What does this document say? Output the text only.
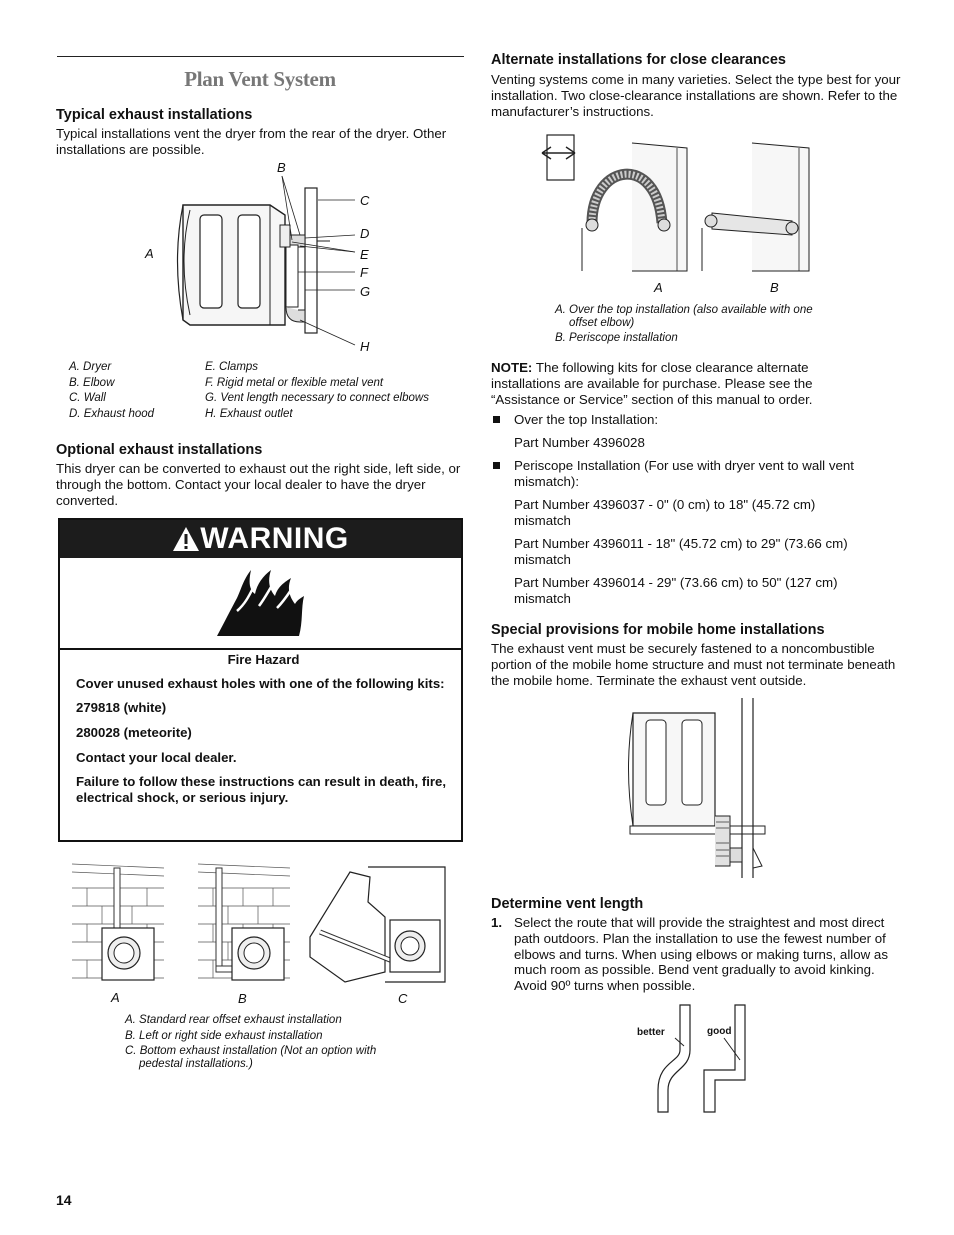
Plan Vent System
Typical exhaust installations

Typical installations vent the dryer from the rear of the dryer. Other installations are possible.

A
B
C
D
E
F
G
H
A. Dryer
B. Elbow
C. Wall
D. Exhaust hood
E. Clamps
F. Rigid metal or flexible metal vent
G. Vent length necessary to connect elbows
H. Exhaust outlet
Optional exhaust installations

This dryer can be converted to exhaust out the right side, left side, or through the bottom. Contact your local dealer to have the dryer converted.

WARNING
Fire Hazard
Cover unused exhaust holes with one of the following kits:
279818 (white)
280028 (meteorite)
Contact your local dealer.
Failure to follow these instructions can result in death, fire, electrical shock, or serious injury.
A	B	C
A. Standard rear offset exhaust installation
B. Left or right side exhaust installation
C. Bottom exhaust installation (Not an option with
pedestal installations.)
14
Alternate installations for close clearances

Venting systems come in many varieties. Select the type best for your installation. Two close-clearance installations are shown. Refer to the manufacturer’s instructions.

A	B
A. Over the top installation (also available with one
offset elbow)
B. Periscope installation

NOTE: The following kits for close clearance alternate installations are available for purchase. Please see the “Assistance or Service” section of this manual to order.

Over the top Installation:

Part Number 4396028

Periscope Installation (For use with dryer vent to wall vent mismatch):

Part Number 4396037 - 0" (0 cm) to 18" (45.72 cm) mismatch

Part Number 4396011 - 18" (45.72 cm) to 29" (73.66 cm) mismatch

Part Number 4396014 - 29" (73.66 cm) to 50" (127 cm) mismatch

Special provisions for mobile home installations

The exhaust vent must be securely fastened to a noncombustible portion of the mobile home structure and must not terminate beneath the mobile home. Terminate the exhaust vent outside.

Determine vent length

1. Select the route that will provide the straightest and most direct path outdoors. Plan the installation to use the fewest number of elbows and turns. When using elbows or making turns, allow as much room as possible. Bend vent gradually to avoid kinking. Avoid 90º turns when possible.

better	good
